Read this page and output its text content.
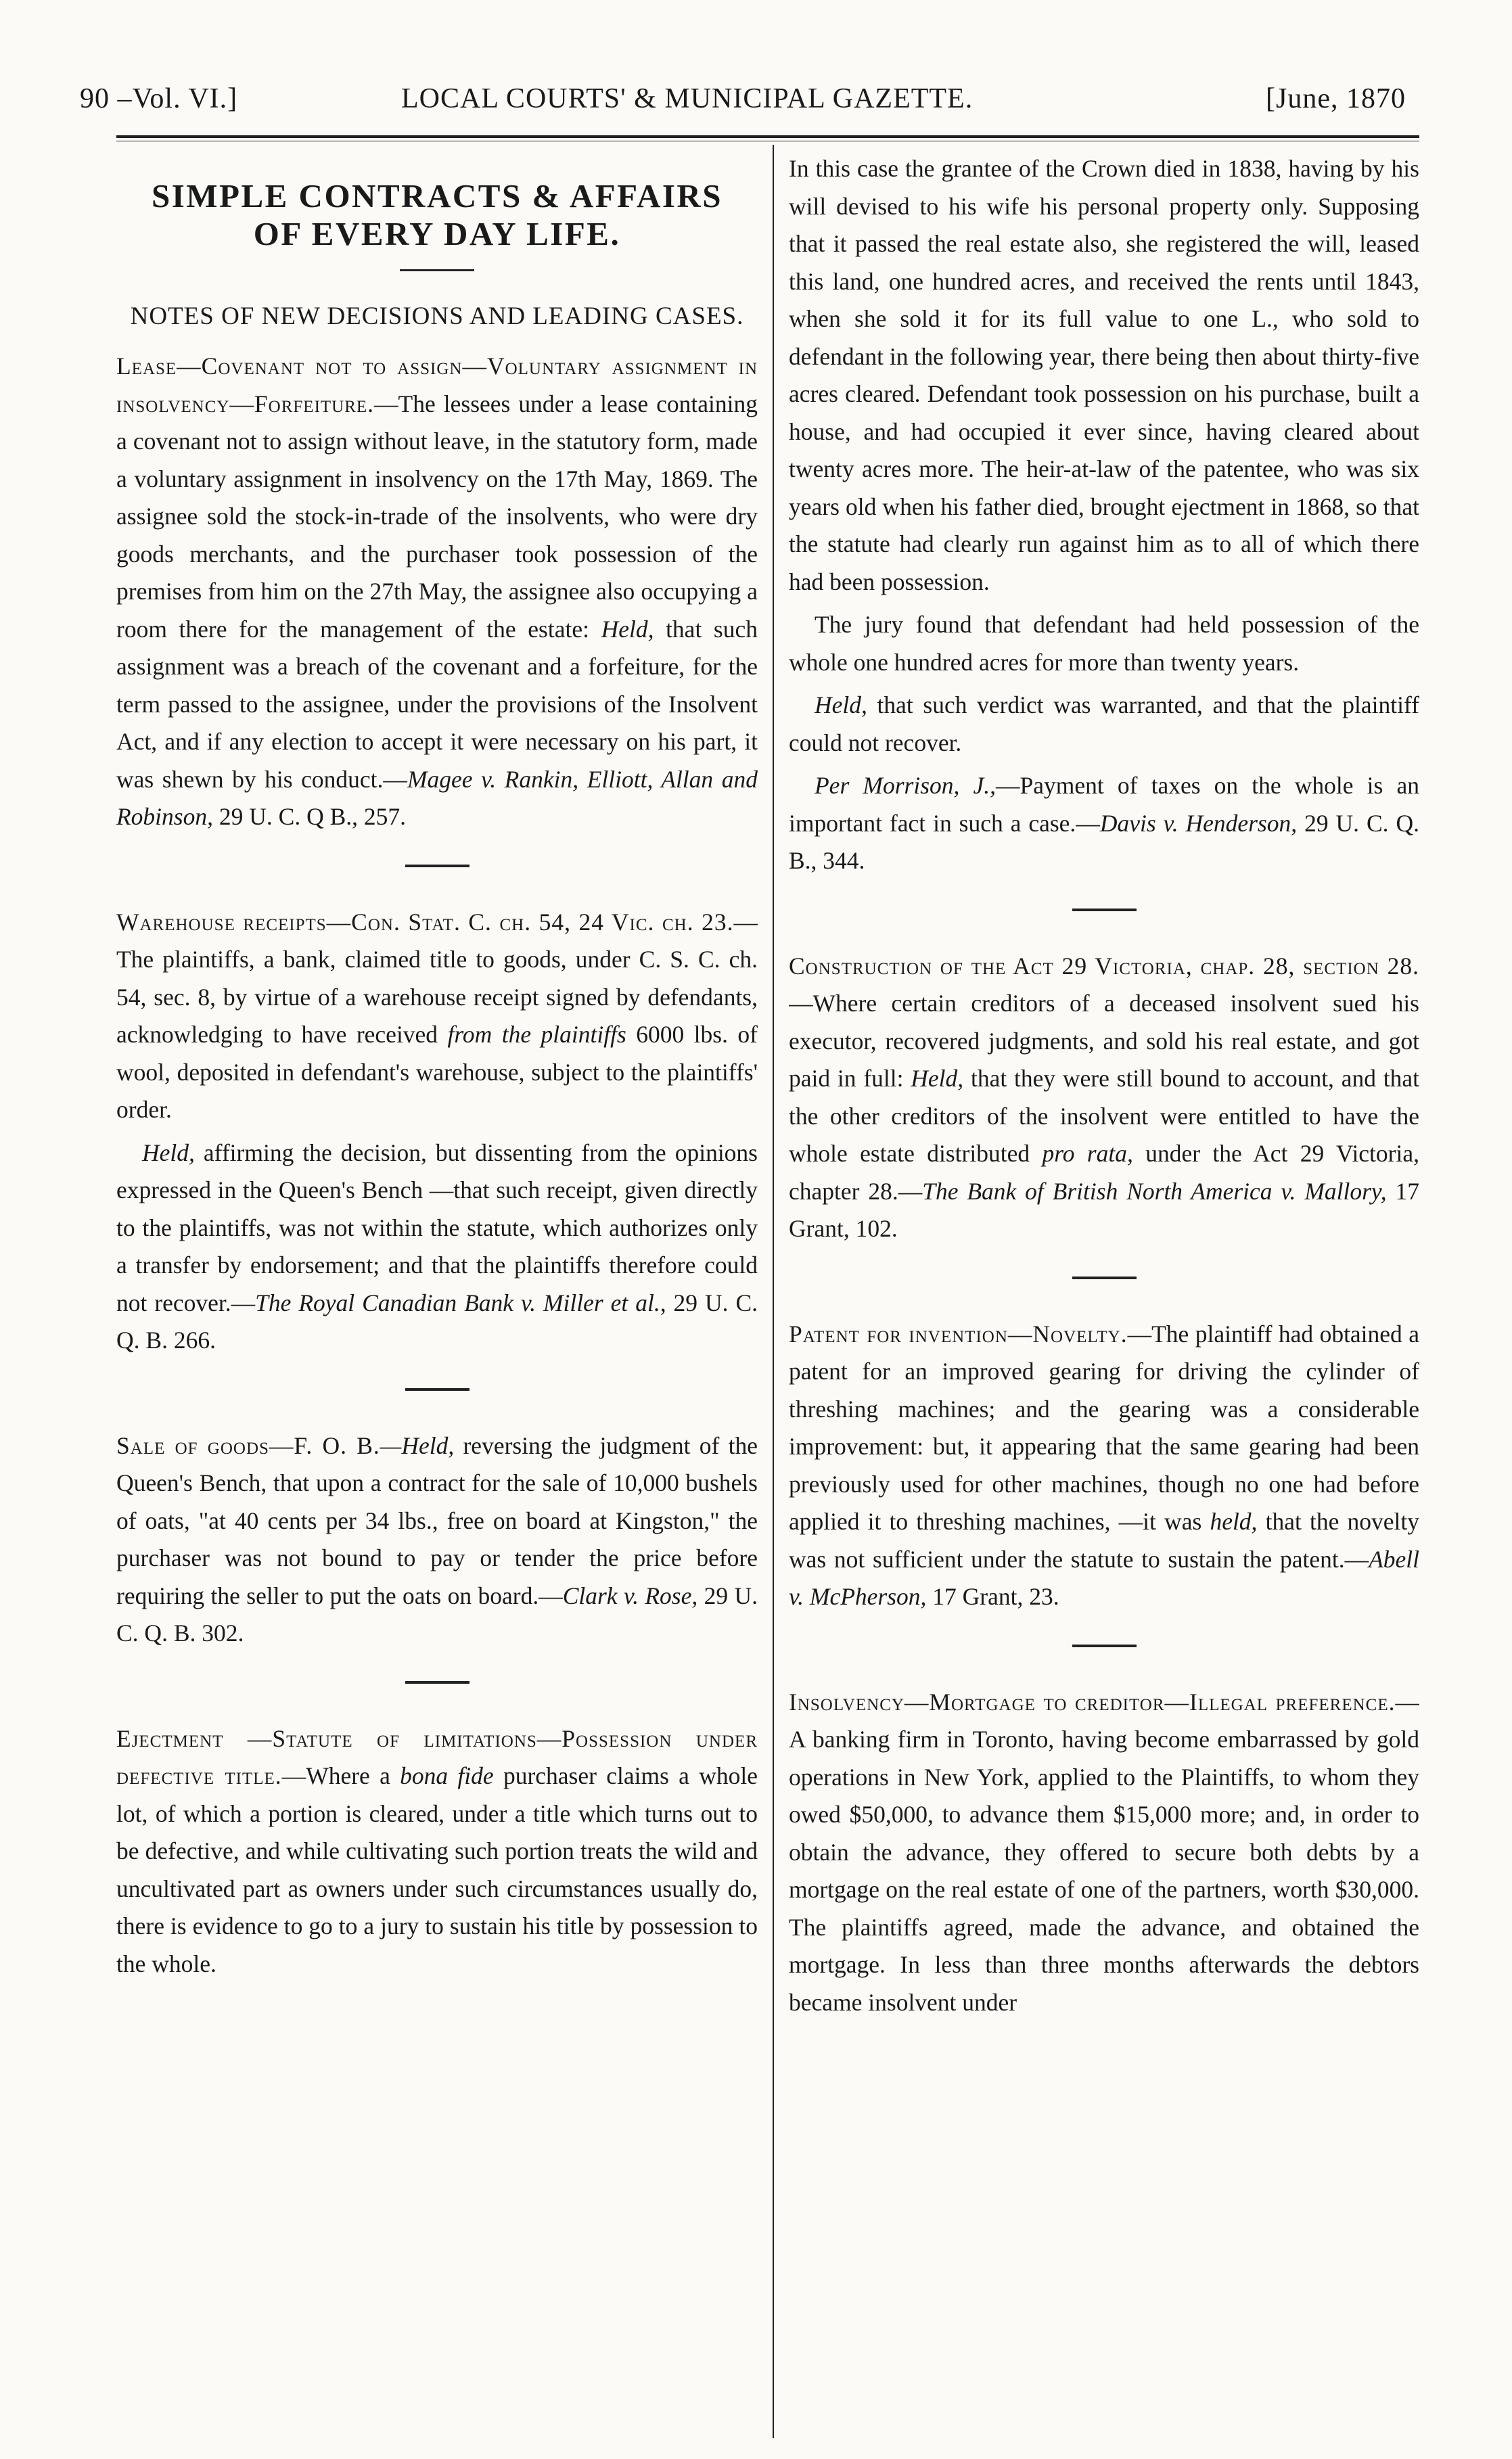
90 –Vol. VI.]	LOCAL COURTS' & MUNICIPAL GAZETTE.	[June, 1870
SIMPLE CONTRACTS & AFFAIRS
OF EVERY DAY LIFE.
NOTES OF NEW DECISIONS AND LEADING CASES.

Lease—Covenant not to assign—Voluntary assignment in insolvency—Forfeiture.—The lessees under a lease containing a covenant not to assign without leave, in the statutory form, made a voluntary assignment in insolvency on the 17th May, 1869. The assignee sold the stock-in-trade of the insolvents, who were dry goods merchants, and the purchaser took possession of the premises from him on the 27th May, the assignee also occupying a room there for the management of the estate: Held, that such assignment was a breach of the covenant and a forfeiture, for the term passed to the assignee, under the provisions of the Insolvent Act, and if any election to accept it were necessary on his part, it was shewn by his conduct.—Magee v. Rankin, Elliott, Allan and Robinson, 29 U. C. Q B., 257.

Warehouse receipts—Con. Stat. C. ch. 54, 24 Vic. ch. 23.—The plaintiffs, a bank, claimed title to goods, under C. S. C. ch. 54, sec. 8, by virtue of a warehouse receipt signed by defendants, acknowledging to have received from the plaintiffs 6000 lbs. of wool, deposited in defendant's warehouse, subject to the plaintiffs' order.

Held, affirming the decision, but dissenting from the opinions expressed in the Queen's Bench —that such receipt, given directly to the plaintiffs, was not within the statute, which authorizes only a transfer by endorsement; and that the plaintiffs therefore could not recover.—The Royal Canadian Bank v. Miller et al., 29 U. C. Q. B. 266.

Sale of goods—F. O. B.—Held, reversing the judgment of the Queen's Bench, that upon a contract for the sale of 10,000 bushels of oats, "at 40 cents per 34 lbs., free on board at Kingston," the purchaser was not bound to pay or tender the price before requiring the seller to put the oats on board.—Clark v. Rose, 29 U. C. Q. B. 302.

Ejectment —Statute of limitations—Possession under defective title.—Where a bona fide purchaser claims a whole lot, of which a portion is cleared, under a title which turns out to be defective, and while cultivating such portion treats the wild and uncultivated part as owners under such circumstances usually do, there is evidence to go to a jury to sustain his title by possession to the whole.

In this case the grantee of the Crown died in 1838, having by his will devised to his wife his personal property only. Supposing that it passed the real estate also, she registered the will, leased this land, one hundred acres, and received the rents until 1843, when she sold it for its full value to one L., who sold to defendant in the following year, there being then about thirty-five acres cleared. Defendant took possession on his purchase, built a house, and had occupied it ever since, having cleared about twenty acres more. The heir-at-law of the patentee, who was six years old when his father died, brought ejectment in 1868, so that the statute had clearly run against him as to all of which there had been possession.

The jury found that defendant had held possession of the whole one hundred acres for more than twenty years.

Held, that such verdict was warranted, and that the plaintiff could not recover.

Per Morrison, J.,—Payment of taxes on the whole is an important fact in such a case.—Davis v. Henderson, 29 U. C. Q. B., 344.

Construction of the Act 29 Victoria, chap. 28, section 28.—Where certain creditors of a deceased insolvent sued his executor, recovered judgments, and sold his real estate, and got paid in full: Held, that they were still bound to account, and that the other creditors of the insolvent were entitled to have the whole estate distributed pro rata, under the Act 29 Victoria, chapter 28.—The Bank of British North America v. Mallory, 17 Grant, 102.

Patent for invention—Novelty.—The plaintiff had obtained a patent for an improved gearing for driving the cylinder of threshing machines; and the gearing was a considerable improvement: but, it appearing that the same gearing had been previously used for other machines, though no one had before applied it to threshing machines, —it was held, that the novelty was not sufficient under the statute to sustain the patent.—Abell v. McPherson, 17 Grant, 23.

Insolvency—Mortgage to creditor—Illegal preference.—A banking firm in Toronto, having become embarrassed by gold operations in New York, applied to the Plaintiffs, to whom they owed $50,000, to advance them $15,000 more; and, in order to obtain the advance, they offered to secure both debts by a mortgage on the real estate of one of the partners, worth $30,000. The plaintiffs agreed, made the advance, and obtained the mortgage. In less than three months afterwards the debtors became insolvent under
